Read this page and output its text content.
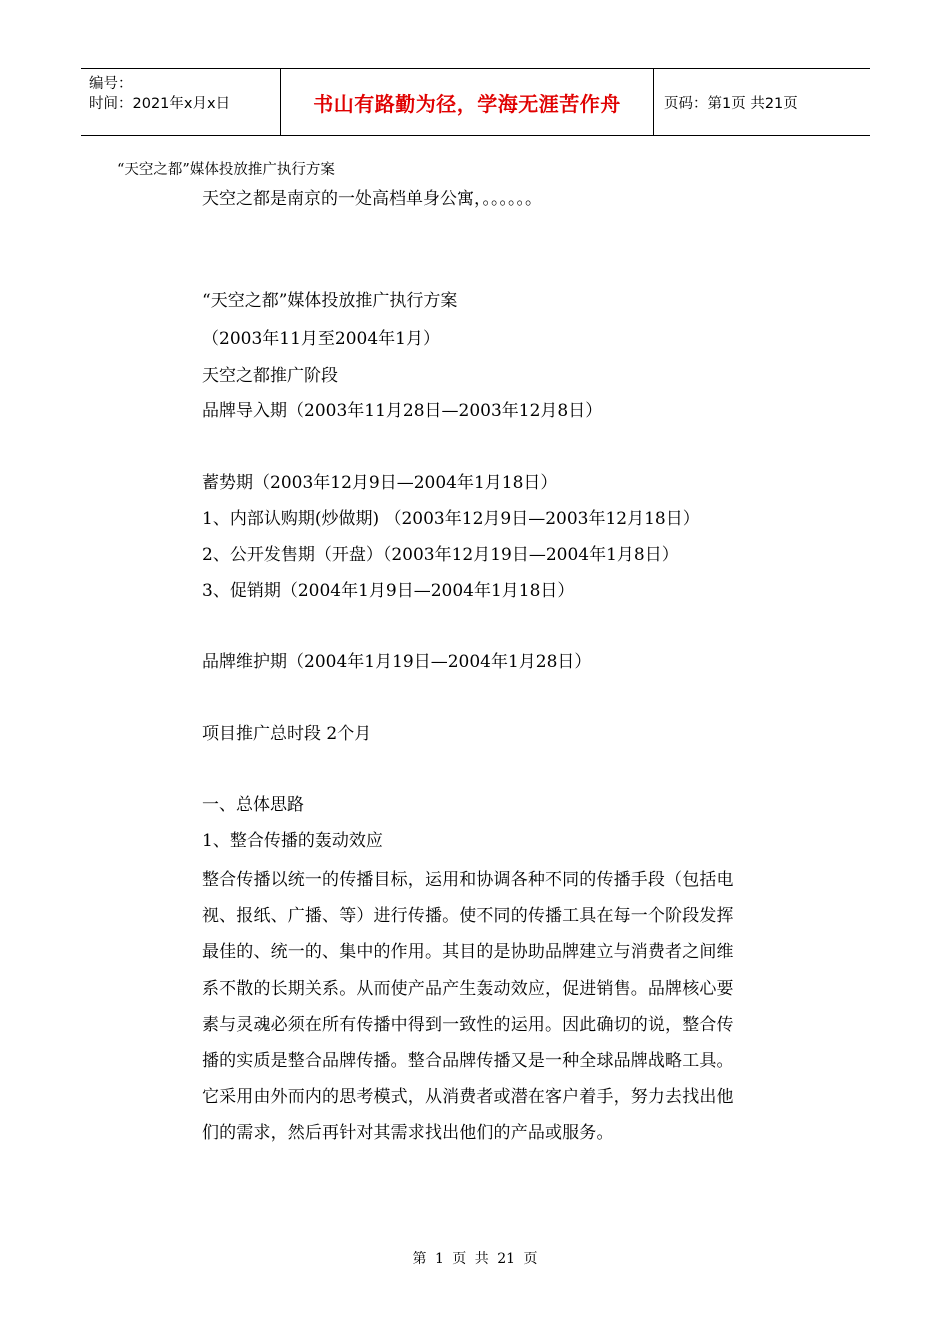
编号：
时间：2021年x月x日	书山有路勤为径，学海无涯苦作舟	页码：第1页 共21页
“天空之都”媒体投放推广执行方案
天空之都是南京的一处高档单身公寓，。。。。。。
“天空之都”媒体投放推广执行方案
（2003年11月至2004年1月）
天空之都推广阶段
品牌导入期（2003年11月28日—2003年12月8日）
蓄势期（2003年12月9日—2004年1月18日）
1、内部认购期(炒做期) （2003年12月9日—2003年12月18日）
2、公开发售期（开盘）（2003年12月19日—2004年1月8日）
3、促销期（2004年1月9日—2004年1月18日）
品牌维护期（2004年1月19日—2004年1月28日）
项目推广总时段 2个月
一、总体思路
1、整合传播的轰动效应
整合传播以统一的传播目标，运用和协调各种不同的传播手段（包括电
视、报纸、广播、等）进行传播。使不同的传播工具在每一个阶段发挥
最佳的、统一的、集中的作用。其目的是协助品牌建立与消费者之间维
系不散的长期关系。从而使产品产生轰动效应，促进销售。品牌核心要
素与灵魂必须在所有传播中得到一致性的运用。因此确切的说，整合传
播的实质是整合品牌传播。整合品牌传播又是一种全球品牌战略工具。
它采用由外而内的思考模式，从消费者或潜在客户着手，努力去找出他
们的需求，然后再针对其需求找出他们的产品或服务。
第 1 页 共 21 页
